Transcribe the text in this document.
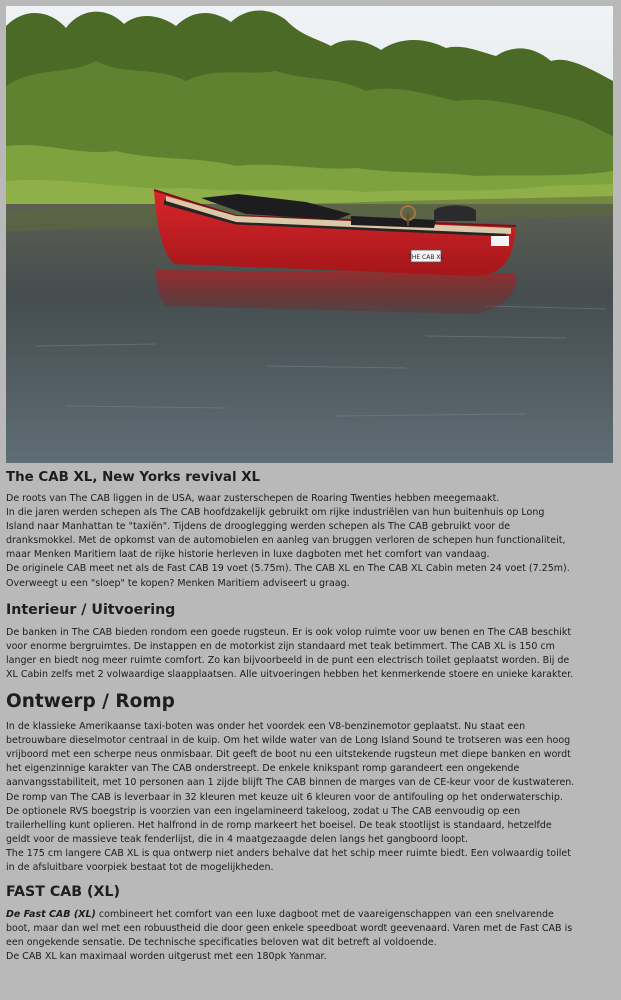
THE CAB XL
The CAB XL, New Yorks revival XL

De roots van The CAB liggen in de USA, waar zusterschepen de Roaring Twenties hebben meegemaakt.
In die jaren werden schepen als The CAB hoofdzakelijk gebruikt om rijke industriëlen van hun buitenhuis op Long
Island naar Manhattan te "taxiën". Tijdens de drooglegging werden schepen als The CAB gebruikt voor de
dranksmokkel. Met de opkomst van de automobielen en aanleg van bruggen verloren de schepen hun functionaliteit,
maar Menken Maritiem laat de rijke historie herleven in luxe dagboten met het comfort van vandaag.
De originele CAB meet net als de Fast CAB 19 voet (5.75m). The CAB XL en The CAB XL Cabin meten 24 voet (7.25m).
Overweegt u een "sloep" te kopen? Menken Maritiem adviseert u graag.

Interieur / Uitvoering

De banken in The CAB bieden rondom een goede rugsteun. Er is ook volop ruimte voor uw benen en The CAB beschikt
voor enorme bergruimtes. De instappen en de motorkist zijn standaard met teak betimmert. The CAB XL is 150 cm
langer en biedt nog meer ruimte comfort. Zo kan bijvoorbeeld in de punt een electrisch toilet geplaatst worden. Bij de
XL Cabin zelfs met 2 volwaardige slaapplaatsen. Alle uitvoeringen hebben het kenmerkende stoere en unieke karakter.

Ontwerp / Romp

In de klassieke Amerikaanse taxi-boten was onder het voordek een V8-benzinemotor geplaatst. Nu staat een
betrouwbare dieselmotor centraal in de kuip. Om het wilde water van de Long Island Sound te trotseren was een hoog
vrijboord met een scherpe neus onmisbaar. Dit geeft de boot nu een uitstekende rugsteun met diepe banken en wordt
het eigenzinnige karakter van The CAB onderstreept. De enkele knikspant romp garandeert een ongekende
aanvangsstabiliteit, met 10 personen aan 1 zijde blijft The CAB binnen de marges van de CE-keur voor de kustwateren.
De romp van The CAB is leverbaar in 32 kleuren met keuze uit 6 kleuren voor de antifouling op het onderwaterschip.
De optionele RVS boegstrip is voorzien van een ingelamineerd takeloog, zodat u The CAB eenvoudig op een
trailerhelling kunt oplieren. Het halfrond in de romp markeert het boeisel. De teak stootlijst is standaard, hetzelfde
geldt voor de massieve teak fenderlijst, die in 4 maatgezaagde delen langs het gangboord loopt.
The 175 cm langere CAB XL is qua ontwerp niet anders behalve dat het schip meer ruimte biedt. Een volwaardig toilet
in de afsluitbare voorpiek bestaat tot de mogelijkheden.

FAST CAB (XL)

De Fast CAB (XL) combineert het comfort van een luxe dagboot met de vaareigenschappen van een snelvarende
boot, maar dan wel met een robuustheid die door geen enkele speedboat wordt geevenaard. Varen met de Fast CAB is
een ongekende sensatie. De technische specificaties beloven wat dit betreft al voldoende.
De CAB XL kan maximaal worden uitgerust met een 180pk Yanmar.
